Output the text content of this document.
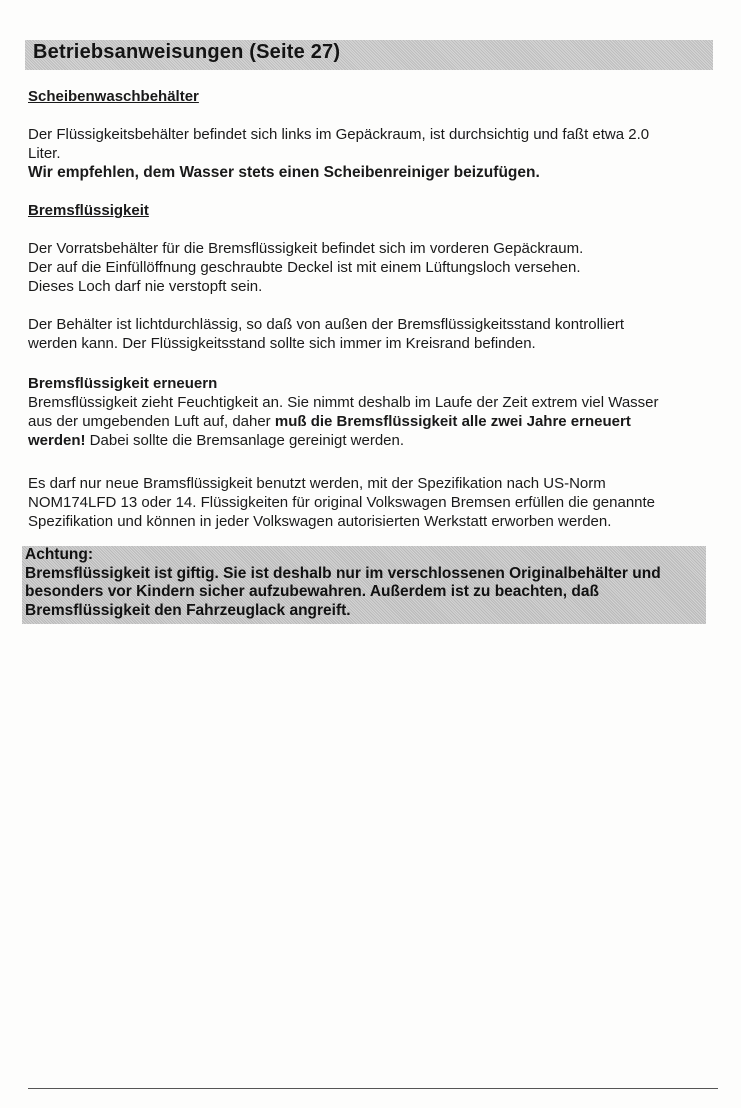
Betriebsanweisungen (Seite 27)
Scheibenwaschbehälter
Der Flüssigkeitsbehälter befindet sich links im Gepäckraum, ist durchsichtig und faßt etwa 2.0
Liter.
Wir empfehlen, dem Wasser stets einen Scheibenreiniger beizufügen.
Bremsflüssigkeit
Der Vorratsbehälter für die Bremsflüssigkeit befindet sich im vorderen Gepäckraum.
Der auf die Einfüllöffnung geschraubte Deckel ist mit einem Lüftungsloch versehen.
Dieses Loch darf nie verstopft sein.
Der Behälter ist lichtdurchlässig, so daß von außen der Bremsflüssigkeitsstand kontrolliert
werden kann. Der Flüssigkeitsstand sollte sich immer im Kreisrand befinden.
Bremsflüssigkeit erneuern
Bremsflüssigkeit zieht Feuchtigkeit an. Sie nimmt deshalb im Laufe der Zeit extrem viel Wasser
aus der umgebenden Luft auf, daher muß die Bremsflüssigkeit alle zwei Jahre erneuert
werden! Dabei sollte die Bremsanlage gereinigt werden.
Es darf nur neue Bramsflüssigkeit benutzt werden, mit der Spezifikation nach US-Norm
NOM174LFD 13 oder 14. Flüssigkeiten für original Volkswagen Bremsen erfüllen die genannte
Spezifikation und können in jeder Volkswagen autorisierten Werkstatt erworben werden.
Achtung:
Bremsflüssigkeit ist giftig. Sie ist deshalb nur im verschlossenen Originalbehälter und
besonders vor Kindern sicher aufzubewahren. Außerdem ist zu beachten, daß
Bremsflüssigkeit den Fahrzeuglack angreift.
